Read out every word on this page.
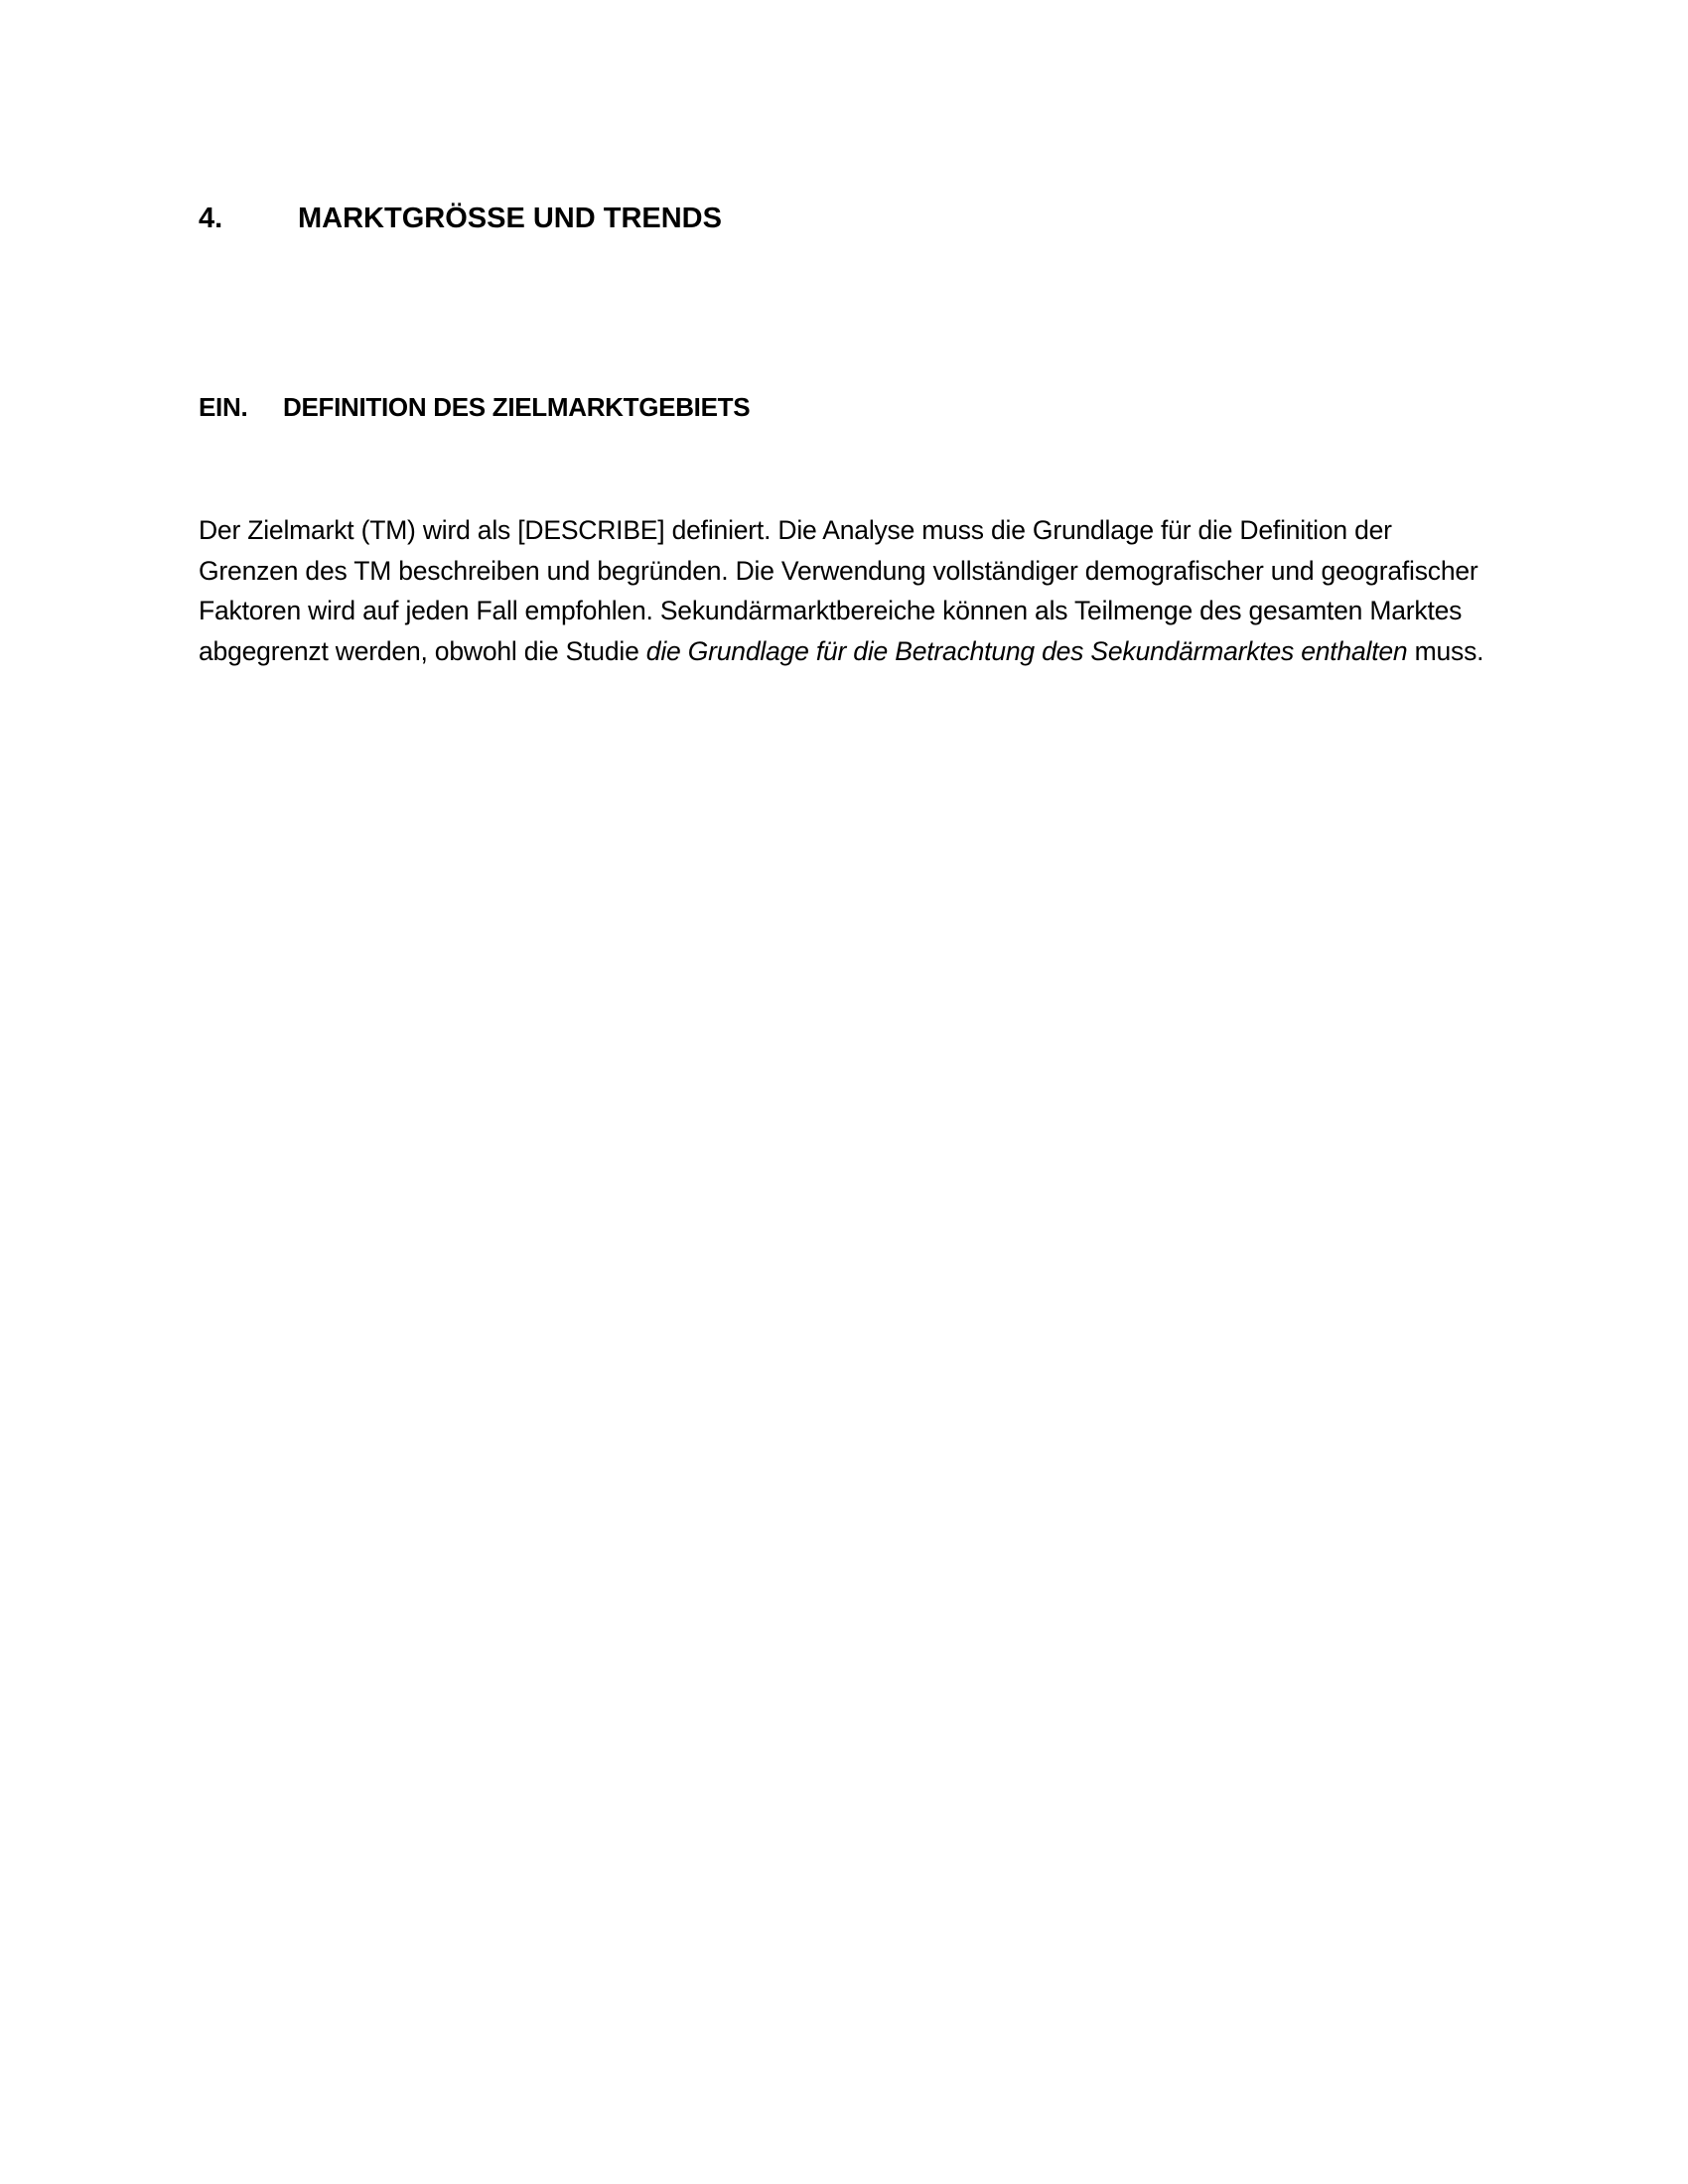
4.	MARKTGRÖSSE UND TRENDS
EIN. DEFINITION DES ZIELMARKTGEBIETS

Der Zielmarkt (TM) wird als [DESCRIBE] definiert. Die Analyse muss die Grundlage für die Definition der Grenzen des TM beschreiben und begründen. Die Verwendung vollständiger demografischer und geografischer Faktoren wird auf jeden Fall empfohlen. Sekundärmarktbereiche können als Teilmenge des gesamten Marktes abgegrenzt werden, obwohl die Studie die Grundlage für die Betrachtung des Sekundärmarktes enthalten muss.
